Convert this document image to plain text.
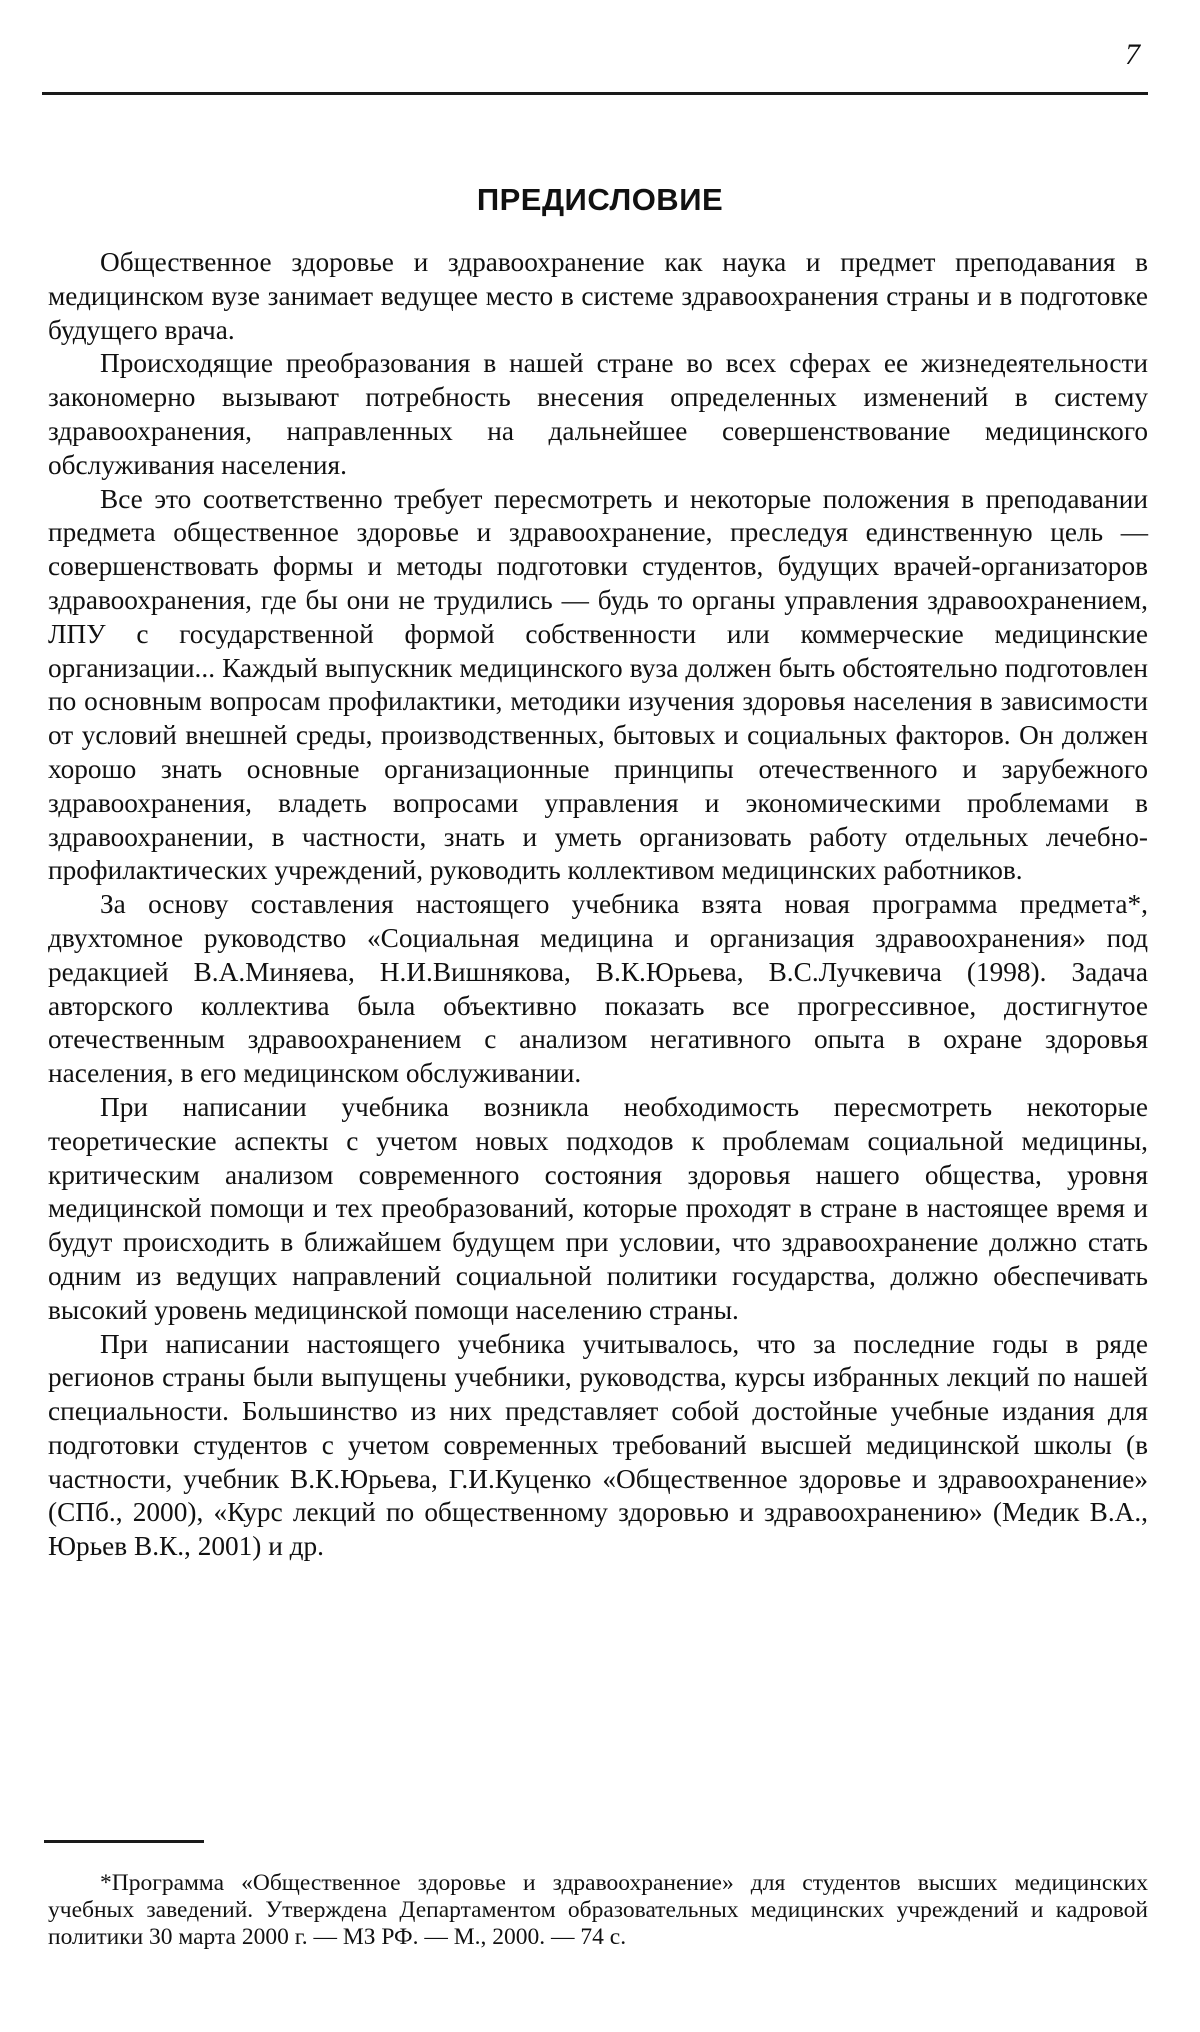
7
ПРЕДИСЛОВИЕ

Общественное здоровье и здравоохранение как наука и предмет преподавания в медицинском вузе занимает ведущее место в системе здравоохранения страны и в подготовке будущего врача.

Происходящие преобразования в нашей стране во всех сферах ее жизнедеятельности закономерно вызывают потребность внесения определенных изменений в систему здравоохранения, направленных на дальнейшее совершенствование медицинского обслуживания населения.

Все это соответственно требует пересмотреть и некоторые положения в преподавании предмета общественное здоровье и здравоохранение, преследуя единственную цель — совершенствовать формы и методы подготовки студентов, будущих врачей-организаторов здравоохранения, где бы они не трудились — будь то органы управления здравоохранением, ЛПУ с государственной формой собственности или коммерческие медицинские организации... Каждый выпускник медицинского вуза должен быть обстоятельно подготовлен по основным вопросам профилактики, методики изучения здоровья населения в зависимости от условий внешней среды, производственных, бытовых и социальных факторов. Он должен хорошо знать основные организационные принципы отечественного и зарубежного здравоохранения, владеть вопросами управления и экономическими проблемами в здравоохранении, в частности, знать и уметь организовать работу отдельных лечебно-профилактических учреждений, руководить коллективом медицинских работников.

За основу составления настоящего учебника взята новая программа предмета*, двухтомное руководство «Социальная медицина и организация здравоохранения» под редакцией В.А.Миняева, Н.И.Вишнякова, В.К.Юрьева, В.С.Лучкевича (1998). Задача авторского коллектива была объективно показать все прогрессивное, достигнутое отечественным здравоохранением с анализом негативного опыта в охране здоровья населения, в его медицинском обслуживании.

При написании учебника возникла необходимость пересмотреть некоторые теоретические аспекты с учетом новых подходов к проблемам социальной медицины, критическим анализом современного состояния здоровья нашего общества, уровня медицинской помощи и тех преобразований, которые проходят в стране в настоящее время и будут происходить в ближайшем будущем при условии, что здравоохранение должно стать одним из ведущих направлений социальной политики государства, должно обеспечивать высокий уровень медицинской помощи населению страны.

При написании настоящего учебника учитывалось, что за последние годы в ряде регионов страны были выпущены учебники, руководства, курсы избранных лекций по нашей специальности. Большинство из них представляет собой достойные учебные издания для подготовки студентов с учетом современных требований высшей медицинской школы (в частности, учебник В.К.Юрьева, Г.И.Куценко «Общественное здоровье и здравоохранение» (СПб., 2000), «Курс лекций по общественному здоровью и здравоохранению» (Медик В.А., Юрьев В.К., 2001) и др.

*Программа «Общественное здоровье и здравоохранение» для студентов высших медицинских учебных заведений. Утверждена Департаментом образовательных медицинских учреждений и кадровой политики 30 марта 2000 г. — МЗ РФ. — М., 2000. — 74 с.
